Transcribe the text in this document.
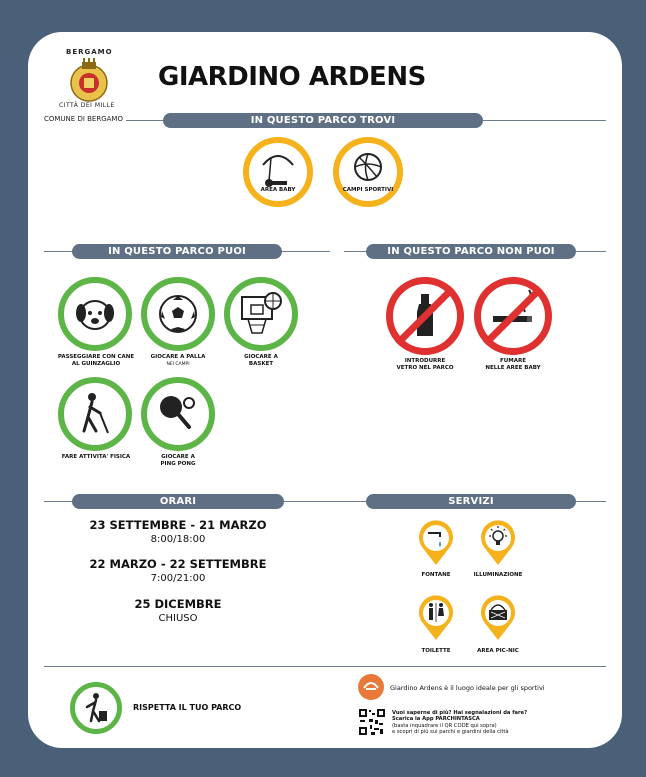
BERGAMO
CITTÀ DEI MILLE
COMUNE DI BERGAMO
GIARDINO ARDENS
IN QUESTO PARCO TROVI
AREA BABY	CAMPI SPORTIVI
IN QUESTO PARCO PUOI	IN QUESTO PARCO NON PUOI
PASSEGGIARE CON CANE
AL GUINZAGLIO
GIOCARE A PALLA
NEI CAMPI
GIOCARE A
BASKET
FARE ATTIVITA' FISICA	GIOCARE A
PING PONG
INTRODURRE
VETRO NEL PARCO
FUMARE
NELLE AREE BABY
ORARI	SERVIZI
23 SETTEMBRE - 21 MARZO
8:00/18:00
22 MARZO - 22 SETTEMBRE
7:00/21:00
25 DICEMBRE
CHIUSO
FONTANE	ILLUMINAZIONE
TOILETTE	AREA PIC-NIC
RISPETTA IL TUO PARCO
Giardino Ardens è il luogo ideale per gli sportivi
Vuoi saperne di più? Hai segnalazioni da fare?
Scarica la App PARCHINTASCA
(basta inquadrare il QR CODE qui sopra)
e scopri di più sui parchi e giardini della città
